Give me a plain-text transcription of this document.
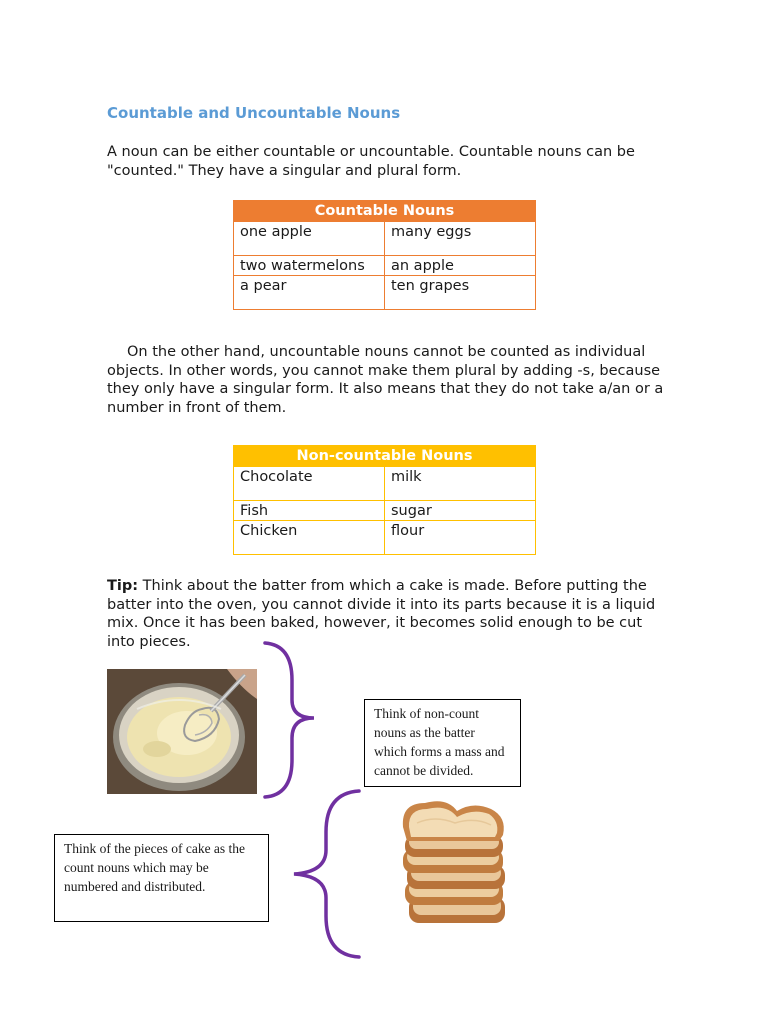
Countable and Uncountable Nouns

A noun can be either countable or uncountable. Countable nouns can be "counted." They have a singular and plural form.

Countable Nouns	
one apple	many eggs
two watermelons	an apple
a pear	ten grapes

On the other hand, uncountable nouns cannot be counted as individual objects. In other words, you cannot make them plural by adding -s, because they only have a singular form. It also means that they do not take a/an or a number in front of them.

Non-countable Nouns	
Chocolate	milk
Fish	sugar
Chicken	flour

Tip: Think about the batter from which a cake is made. Before putting the batter into the oven, you cannot divide it into its parts because it is a liquid mix. Once it has been baked, however, it becomes solid enough to be cut into pieces.

Think of non-count nouns as the batter which forms a mass and cannot be divided.
Think of the pieces of cake as the count nouns which may be numbered and distributed.
